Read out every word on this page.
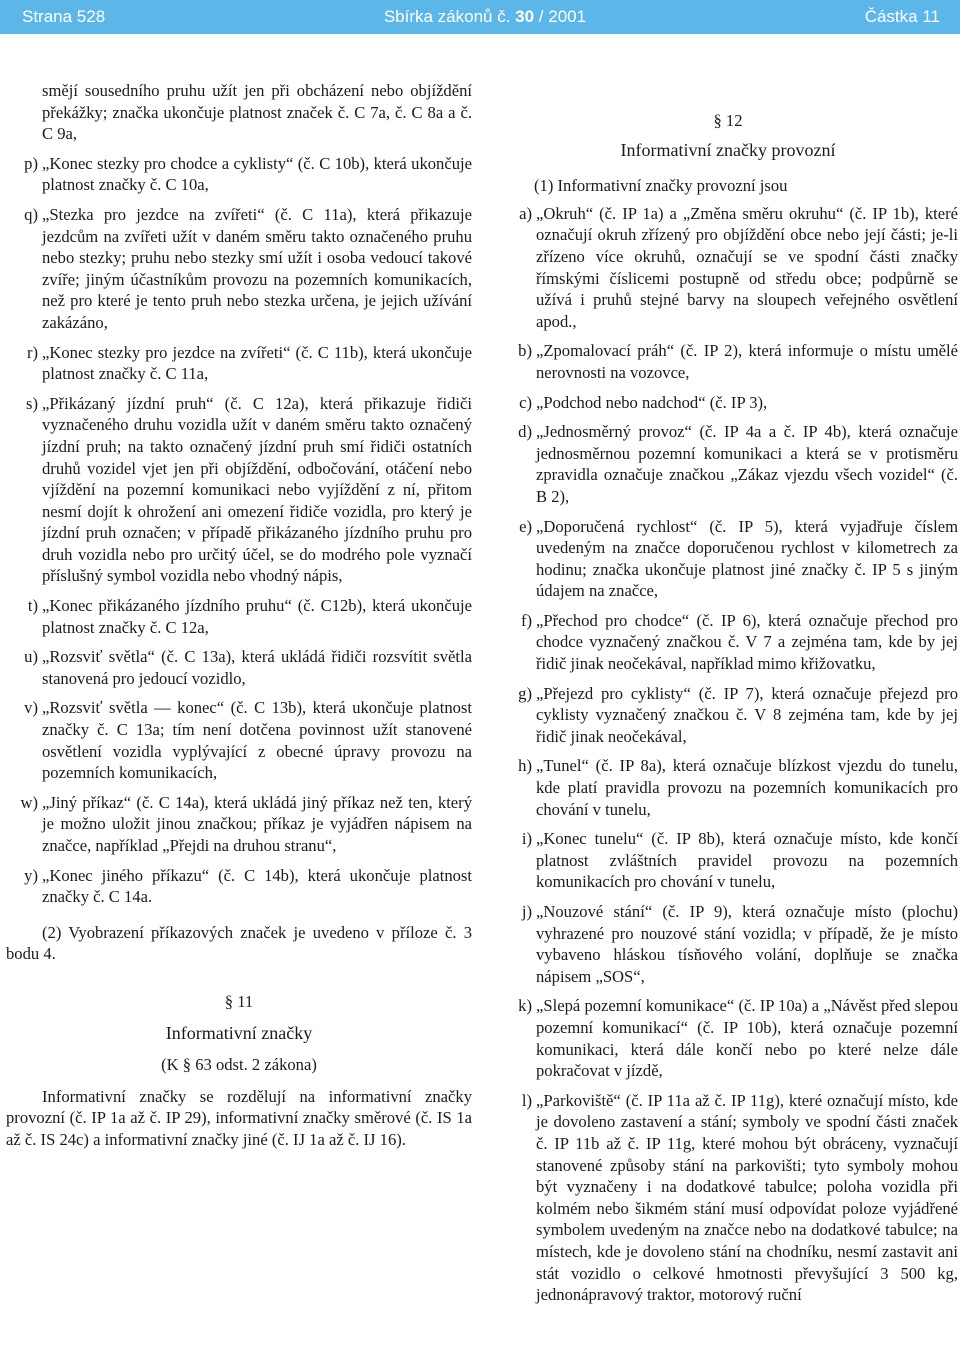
Strana 528	Sbírka zákonů č. 30 / 2001	Částka 11
smějí sousedního pruhu užít jen při obcházení nebo objíždění překážky; značka ukončuje platnost značek č. C 7a, č. C 8a a č. C 9a,
p) „Konec stezky pro chodce a cyklisty“ (č. C 10b), která ukončuje platnost značky č. C 10a,
q) „Stezka pro jezdce na zvířeti“ (č. C 11a), která přikazuje jezdcům na zvířeti užít v daném směru takto označeného pruhu nebo stezky; pruhu nebo stezky smí užít i osoba vedoucí takové zvíře; jiným účastníkům provozu na pozemních komunikacích, než pro které je tento pruh nebo stezka určena, je jejich užívání zakázáno,
r) „Konec stezky pro jezdce na zvířeti“ (č. C 11b), která ukončuje platnost značky č. C 11a,
s) „Přikázaný jízdní pruh“ (č. C 12a), která přikazuje řidiči vyznačeného druhu vozidla užít v daném směru takto označený jízdní pruh; na takto označený jízdní pruh smí řidiči ostatních druhů vozidel vjet jen při objíždění, odbočování, otáčení nebo vjíždění na pozemní komunikaci nebo vyjíždění z ní, přitom nesmí dojít k ohrožení ani omezení řidiče vozidla, pro který je jízdní pruh označen; v případě přikázaného jízdního pruhu pro druh vozidla nebo pro určitý účel, se do modrého pole vyznačí příslušný symbol vozidla nebo vhodný nápis,
t) „Konec přikázaného jízdního pruhu“ (č. C12b), která ukončuje platnost značky č. C 12a,
u) „Rozsviť světla“ (č. C 13a), která ukládá řidiči rozsvítit světla stanovená pro jedoucí vozidlo,
v) „Rozsviť světla — konec“ (č. C 13b), která ukončuje platnost značky č. C 13a; tím není dotčena povinnost užít stanovené osvětlení vozidla vyplývající z obecné úpravy provozu na pozemních komunikacích,
w) „Jiný příkaz“ (č. C 14a), která ukládá jiný příkaz než ten, který je možno uložit jinou značkou; příkaz je vyjádřen nápisem na značce, například „Přejdi na druhou stranu“,
y) „Konec jiného příkazu“ (č. C 14b), která ukončuje platnost značky č. C 14a.

(2) Vyobrazení příkazových značek je uvedeno v příloze č. 3 bodu 4.

§ 11

Informativní značky

(K § 63 odst. 2 zákona)

Informativní značky se rozdělují na informativní značky provozní (č. IP 1a až č. IP 29), informativní značky směrové (č. IS 1a až č. IS 24c) a informativní značky jiné (č. IJ 1a až č. IJ 16).

§ 12

Informativní značky provozní

(1) Informativní značky provozní jsou
a) „Okruh“ (č. IP 1a) a „Změna směru okruhu“ (č. IP 1b), které označují okruh zřízený pro objíždění obce nebo její části; je-li zřízeno více okruhů, označují se ve spodní části značky římskými číslicemi postupně od středu obce; podpůrně se užívá i pruhů stejné barvy na sloupech veřejného osvětlení apod.,
b) „Zpomalovací práh“ (č. IP 2), která informuje o místu umělé nerovnosti na vozovce,
c) „Podchod nebo nadchod“ (č. IP 3),
d) „Jednosměrný provoz“ (č. IP 4a a č. IP 4b), která označuje jednosměrnou pozemní komunikaci a která se v protisměru zpravidla označuje značkou „Zákaz vjezdu všech vozidel“ (č. B 2),
e) „Doporučená rychlost“ (č. IP 5), která vyjadřuje číslem uvedeným na značce doporučenou rychlost v kilometrech za hodinu; značka ukončuje platnost jiné značky č. IP 5 s jiným údajem na značce,
f) „Přechod pro chodce“ (č. IP 6), která označuje přechod pro chodce vyznačený značkou č. V 7 a zejména tam, kde by jej řidič jinak neočekával, například mimo křižovatku,
g) „Přejezd pro cyklisty“ (č. IP 7), která označuje přejezd pro cyklisty vyznačený značkou č. V 8 zejména tam, kde by jej řidič jinak neočekával,
h) „Tunel“ (č. IP 8a), která označuje blízkost vjezdu do tunelu, kde platí pravidla provozu na pozemních komunikacích pro chování v tunelu,
i) „Konec tunelu“ (č. IP 8b), která označuje místo, kde končí platnost zvláštních pravidel provozu na pozemních komunikacích pro chování v tunelu,
j) „Nouzové stání“ (č. IP 9), která označuje místo (plochu) vyhrazené pro nouzové stání vozidla; v případě, že je místo vybaveno hláskou tísňového volání, doplňuje se značka nápisem „SOS“,
k) „Slepá pozemní komunikace“ (č. IP 10a) a „Návěst před slepou pozemní komunikací“ (č. IP 10b), která označuje pozemní komunikaci, která dále končí nebo po které nelze dále pokračovat v jízdě,
l) „Parkoviště“ (č. IP 11a až č. IP 11g), které označují místo, kde je dovoleno zastavení a stání; symboly ve spodní části značek č. IP 11b až č. IP 11g, které mohou být obráceny, vyznačují stanovené způsoby stání na parkovišti; tyto symboly mohou být vyznačeny i na dodatkové tabulce; poloha vozidla při kolmém nebo šikmém stání musí odpovídat poloze vyjádřené symbolem uvedeným na značce nebo na dodatkové tabulce; na místech, kde je dovoleno stání na chodníku, nesmí zastavit ani stát vozidlo o celkové hmotnosti převyšující 3 500 kg, jednonápravový traktor, motorový ruční
